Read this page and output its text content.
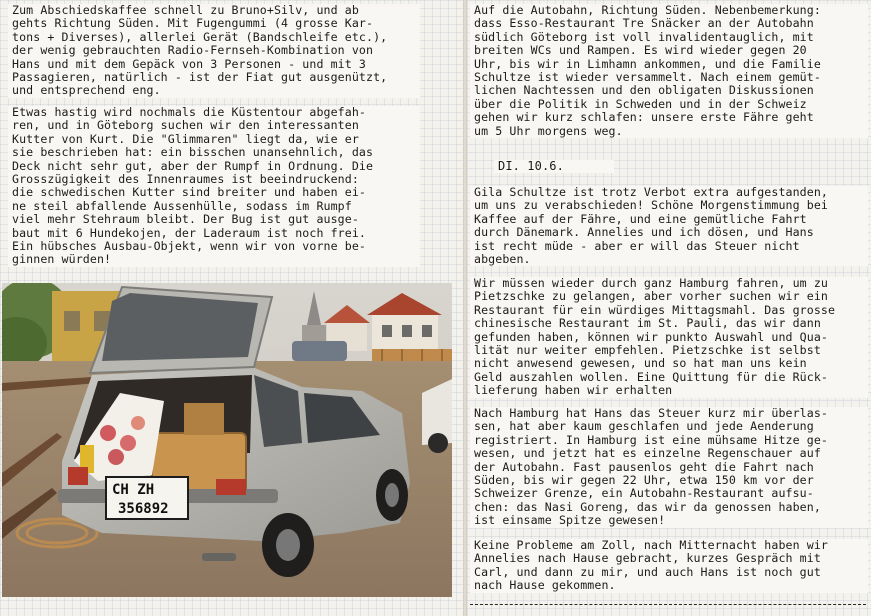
Zum Abschiedskaffee schnell zu Bruno+Silv, und ab

gehts Richtung Süden. Mit Fugengummi (4 grosse Kar-

tons + Diverses), allerlei Gerät (Bandschleife etc.),

der wenig gebrauchten Radio-Fernseh-Kombination von

Hans und mit dem Gepäck von 3 Personen - und mit 3

Passagieren, natürlich - ist der Fiat gut ausgenützt,

und entsprechend eng.

Etwas hastig wird nochmals die Küstentour abgefah-

ren, und in Göteborg suchen wir den interessanten

Kutter von Kurt. Die "Glimmaren" liegt da, wie er

sie beschrieben hat: ein bisschen unansehnlich, das

Deck nicht sehr gut, aber der Rumpf in Ordnung. Die

Grosszügigkeit des Innenraumes ist beeindruckend:

die schwedischen Kutter sind breiter und haben ei-

ne steil abfallende Aussenhülle, sodass im Rumpf

viel mehr Stehraum bleibt. Der Bug ist gut ausge-

baut mit 6 Hundekojen, der Laderaum ist noch frei.

Ein hübsches Ausbau-Objekt, wenn wir von vorne be-

ginnen würden!

CH ZH
356892

Auf die Autobahn, Richtung Süden. Nebenbemerkung:

dass Esso-Restaurant Tre Snäcker an der Autobahn

südlich Göteborg ist voll invalidentauglich, mit

breiten WCs und Rampen. Es wird wieder gegen 20

Uhr, bis wir in Limhamn ankommen, und die Familie

Schultze ist wieder versammelt. Nach einem gemüt-

lichen Nachtessen und den obligaten Diskussionen

über die Politik in Schweden und in der Schweiz

gehen wir kurz schlafen: unsere erste Fähre geht

um 5 Uhr morgens weg.

DI. 10.6.

Gila Schultze ist trotz Verbot extra aufgestanden,

um uns zu verabschieden! Schöne Morgenstimmung bei

Kaffee auf der Fähre, und eine gemütliche Fahrt

durch Dänemark. Annelies und ich dösen, und Hans

ist recht müde - aber er will das Steuer nicht

abgeben.

Wir müssen wieder durch ganz Hamburg fahren, um zu

Pietzschke zu gelangen, aber vorher suchen wir ein

Restaurant für ein würdiges Mittagsmahl. Das grosse

chinesische Restaurant im St. Pauli, das wir dann

gefunden haben, können wir punkto Auswahl und Qua-

lität nur weiter empfehlen. Pietzschke ist selbst

nicht anwesend gewesen, und so hat man uns kein

Geld auszahlen wollen. Eine Quittung für die Rück-

lieferung haben wir erhalten

Nach Hamburg hat Hans das Steuer kurz mir überlas-

sen, hat aber kaum geschlafen und jede Aenderung

registriert. In Hamburg ist eine mühsame Hitze ge-

wesen, und jetzt hat es einzelne Regenschauer auf

der Autobahn. Fast pausenlos geht die Fahrt nach

Süden, bis wir gegen 22 Uhr, etwa 150 km vor der

Schweizer Grenze, ein Autobahn-Restaurant aufsu-

chen: das Nasi Goreng, das wir da genossen haben,

ist einsame Spitze gewesen!

Keine Probleme am Zoll, nach Mitternacht haben wir

Annelies nach Hause gebracht, kurzes Gespräch mit

Carl, und dann zu mir, und auch Hans ist noch gut

nach Hause gekommen.
